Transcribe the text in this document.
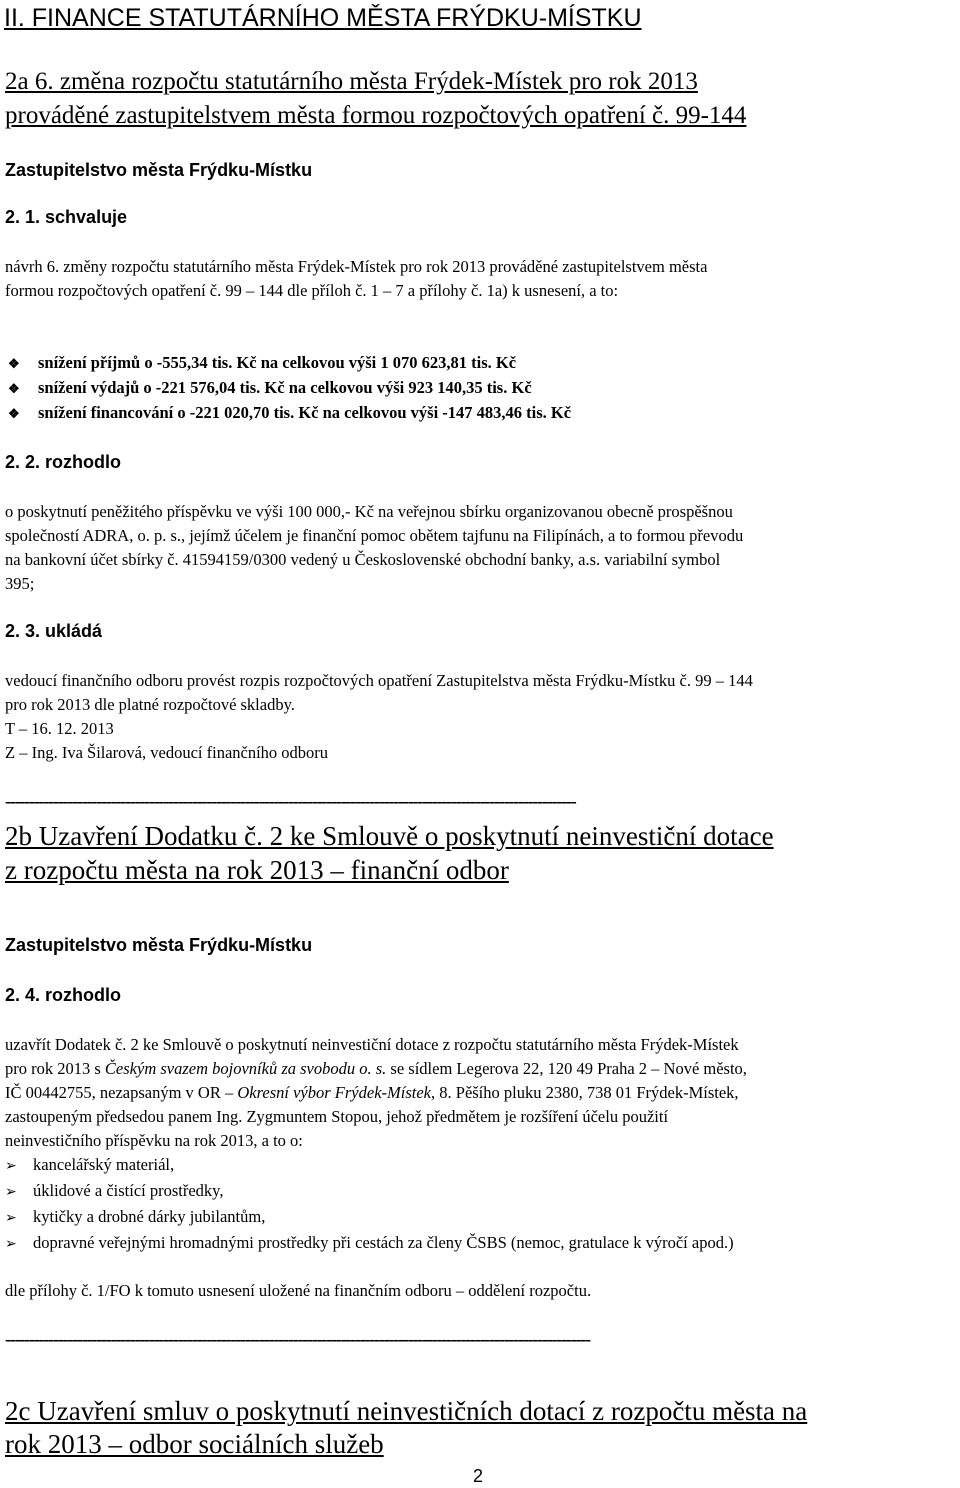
II. FINANCE STATUTÁRNÍHO MĚSTA FRÝDKU-MÍSTKU
2a 6. změna rozpočtu statutárního města Frýdek-Místek pro rok 2013
prováděné zastupitelstvem města formou rozpočtových opatření č. 99-144
Zastupitelstvo města Frýdku-Místku
2. 1. schvaluje
návrh 6. změny rozpočtu statutárního města Frýdek-Místek pro rok 2013 prováděné zastupitelstvem města
formou rozpočtových opatření č. 99 – 144 dle příloh č. 1 – 7 a přílohy č. 1a) k usnesení, a to:
❖ snížení příjmů o -555,34 tis. Kč na celkovou výši 1 070 623,81 tis. Kč
❖ snížení výdajů o -221 576,04 tis. Kč na celkovou výši 923 140,35 tis. Kč
❖ snížení financování o -221 020,70 tis. Kč na celkovou výši -147 483,46 tis. Kč
2. 2. rozhodlo
o poskytnutí peněžitého příspěvku ve výši 100 000,- Kč na veřejnou sbírku organizovanou obecně prospěšnou
společností ADRA, o. p. s., jejímž účelem je finanční pomoc obětem tajfunu na Filipínách, a to formou převodu
na bankovní účet sbírky č. 41594159/0300 vedený u Československé obchodní banky, a.s. variabilní symbol
395;
2. 3. ukládá
vedoucí finančního odboru provést rozpis rozpočtových opatření Zastupitelstva města Frýdku-Místku č. 99 – 144
pro rok 2013 dle platné rozpočtové skladby.
T – 16. 12. 2013
Z – Ing. Iva Šilarová, vedoucí finančního odboru
-----------------------------------------------------------------------------------------------------------------------
2b Uzavření Dodatku č. 2 ke Smlouvě o poskytnutí neinvestiční dotace
z rozpočtu města na rok 2013 – finanční odbor
Zastupitelstvo města Frýdku-Místku
2. 4. rozhodlo
uzavřít Dodatek č. 2 ke Smlouvě o poskytnutí neinvestiční dotace z rozpočtu statutárního města Frýdek-Místek
pro rok 2013 s Českým svazem bojovníků za svobodu o. s. se sídlem Legerova 22, 120 49 Praha 2 – Nové město,
IČ 00442755, nezapsaným v OR – Okresní výbor Frýdek-Místek, 8. Pěšího pluku 2380, 738 01 Frýdek-Místek,
zastoupeným předsedou panem Ing. Zygmuntem Stopou, jehož předmětem je rozšíření účelu použití
neinvestičního příspěvku na rok 2013, a to o:
➢ kancelářský materiál,
➢ úklidové a čistící prostředky,
➢ kytičky a drobné dárky jubilantům,
➢ dopravné veřejnými hromadnými prostředky při cestách za členy ČSBS (nemoc, gratulace k výročí apod.)
dle přílohy č. 1/FO k tomuto usnesení uložené na finančním odboru – oddělení rozpočtu.
--------------------------------------------------------------------------------------------------------------------------
2c Uzavření smluv o poskytnutí neinvestičních dotací z rozpočtu města na
rok 2013 – odbor sociálních služeb
2
